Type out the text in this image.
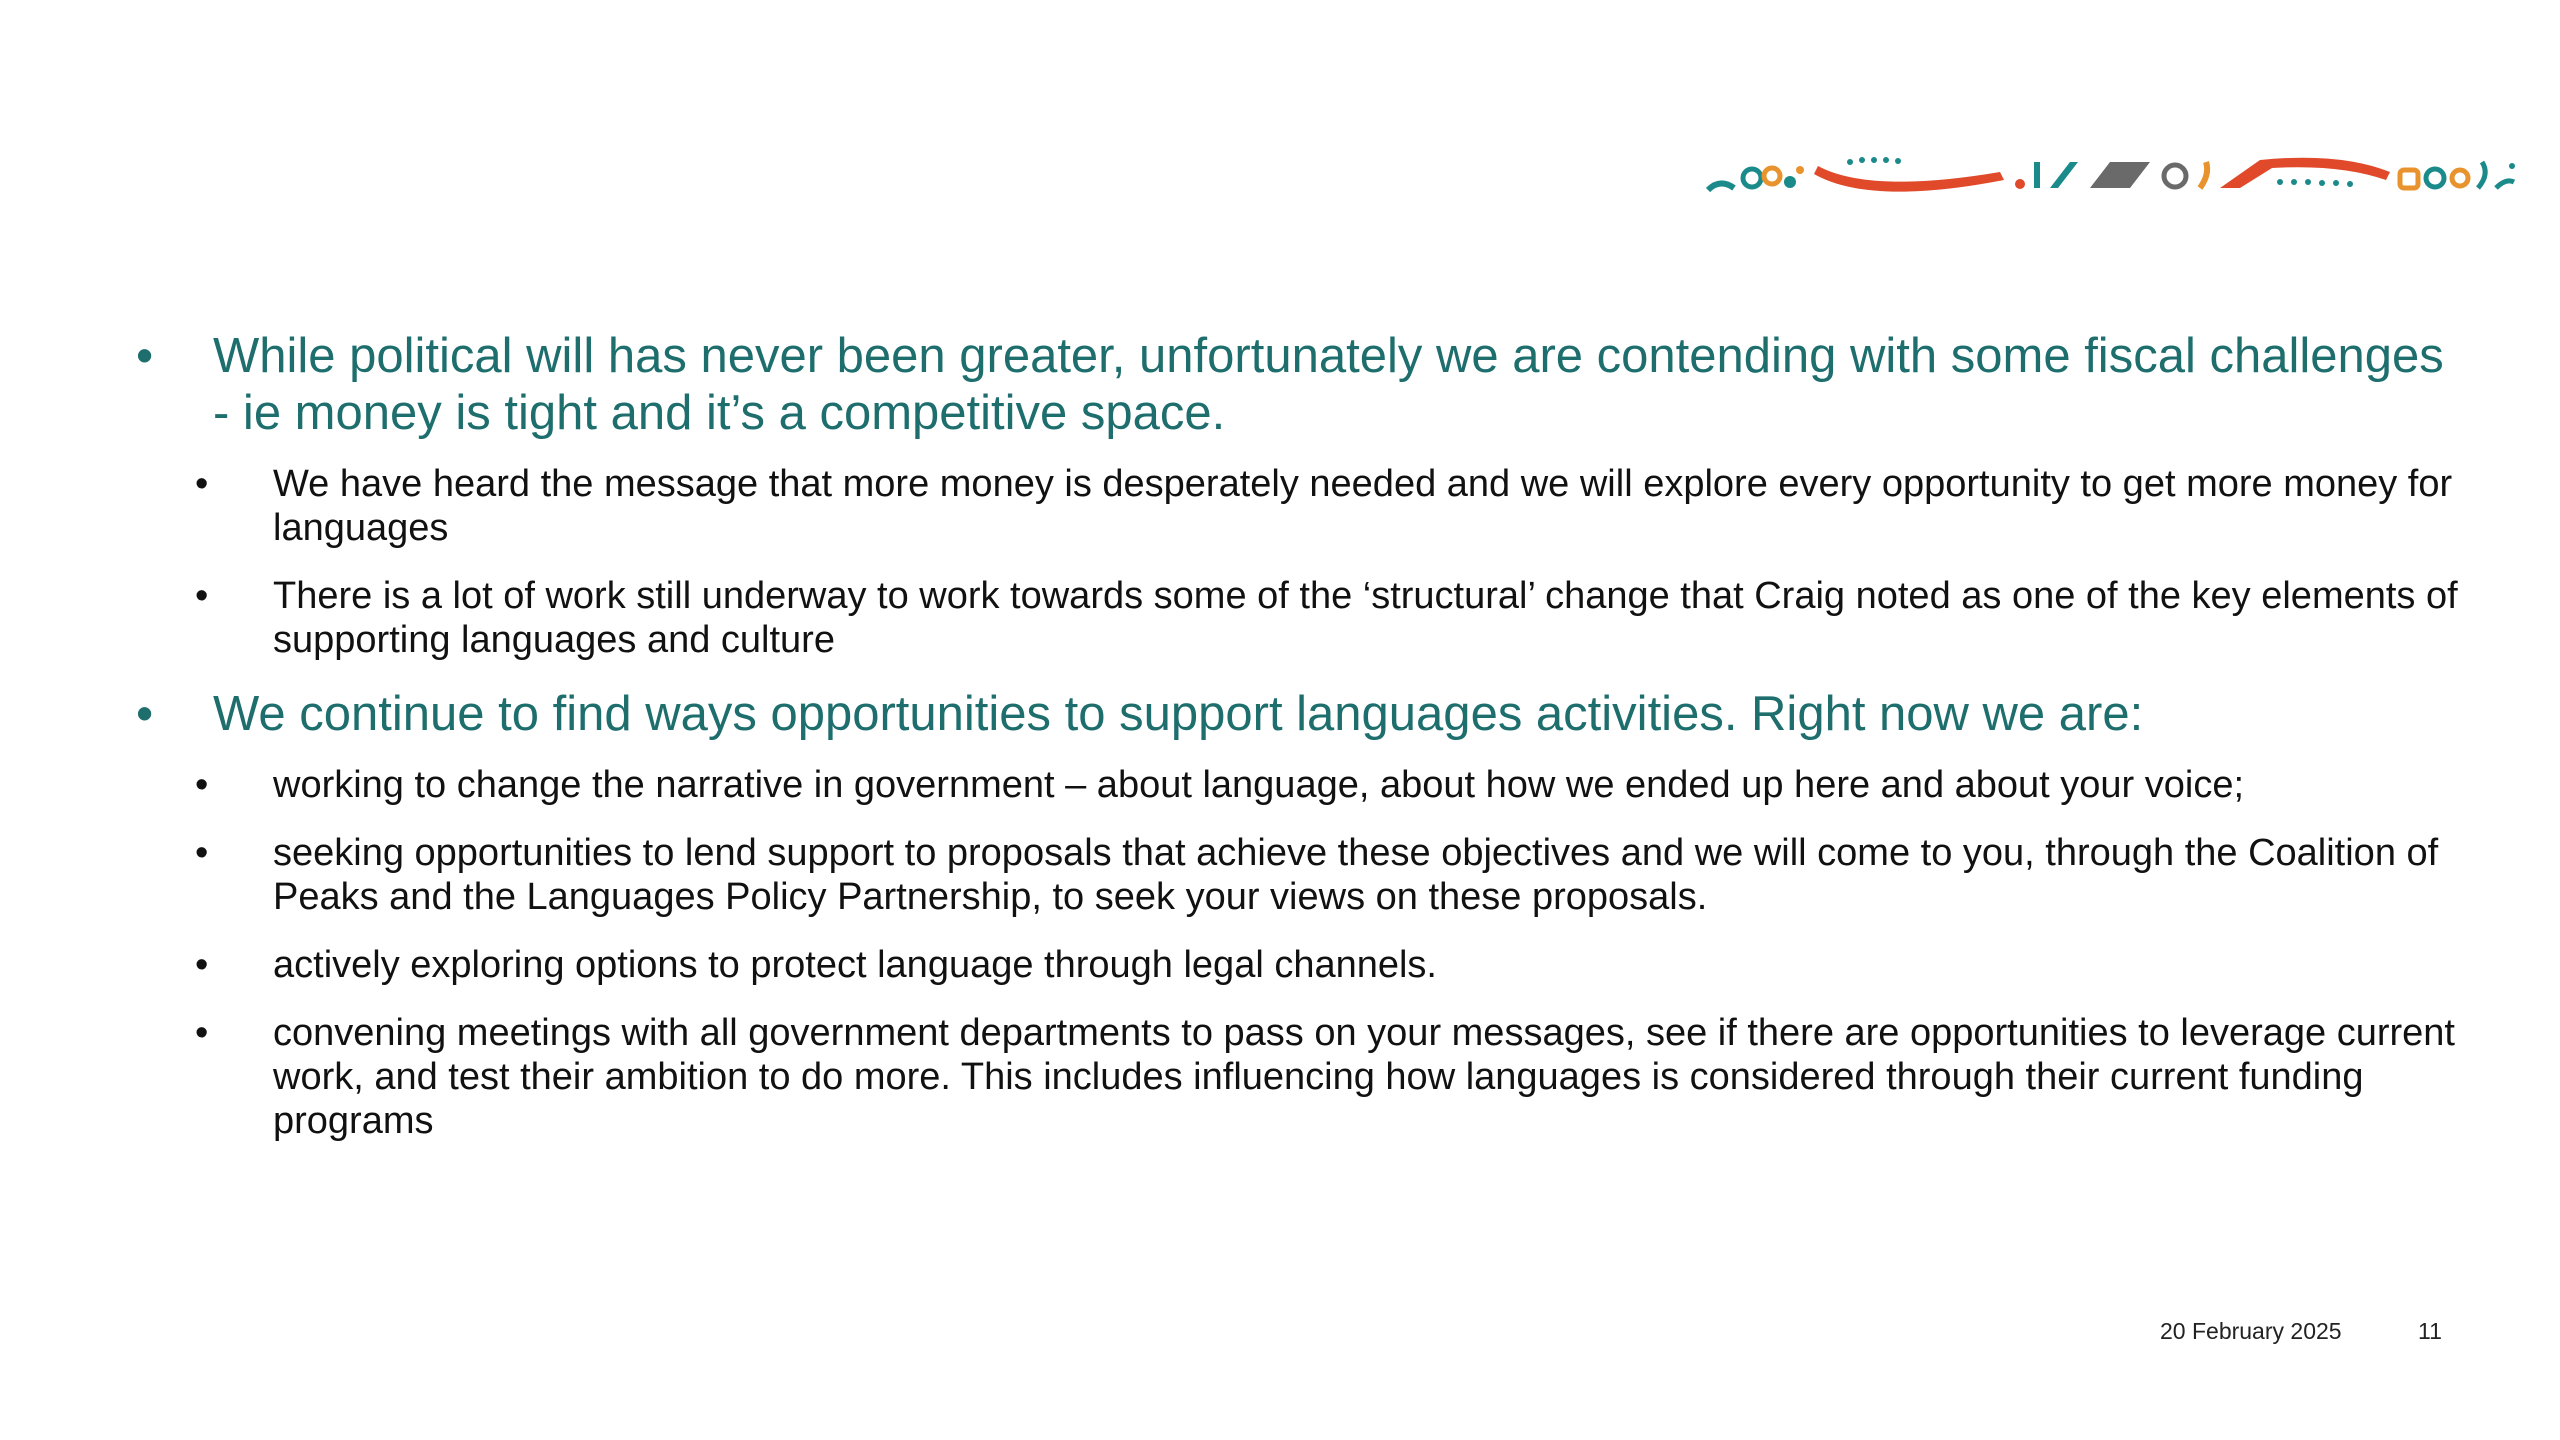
• While political will has never been greater, unfortunately we are contending with some fiscal challenges - ie money is tight and it’s a competitive space.
• We have heard the message that more money is desperately needed and we will explore every opportunity to get more money for languages
• There is a lot of work still underway to work towards some of the ‘structural’ change that Craig noted as one of the key elements of supporting languages and culture
• We continue to find ways opportunities to support languages activities. Right now we are:
• working to change the narrative in government – about language, about how we ended up here and about your voice;
• seeking opportunities to lend support to proposals that achieve these objectives and we will come to you, through the Coalition of Peaks and the Languages Policy Partnership, to seek your views on these proposals.
• actively exploring options to protect language through legal channels.
• convening meetings with all government departments to pass on your messages, see if there are opportunities to leverage current work, and test their ambition to do more. This includes influencing how languages is considered through their current funding programs
20 February 2025	11
